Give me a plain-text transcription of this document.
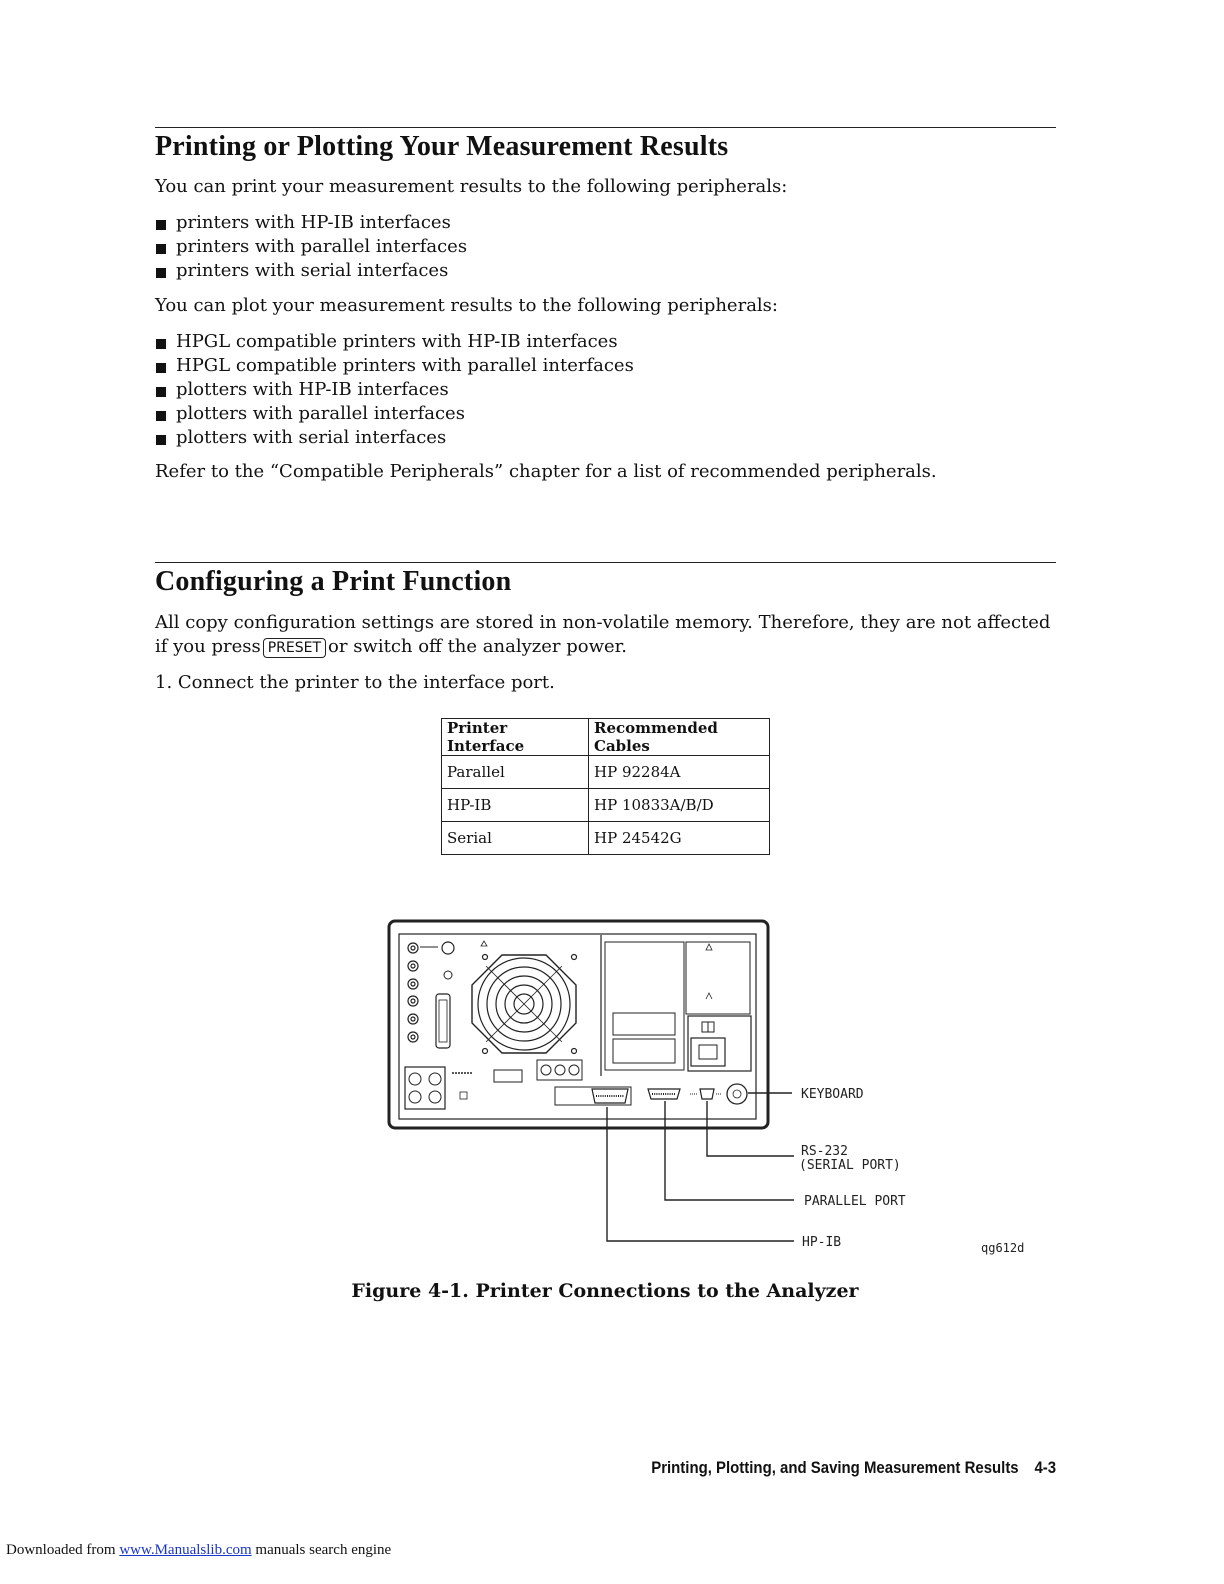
Printing or Plotting Your Measurement Results

You can print your measurement results to the following peripherals:

printers with HP-IB interfaces
printers with parallel interfaces
printers with serial interfaces

You can plot your measurement results to the following peripherals:

HPGL compatible printers with HP-IB interfaces
HPGL compatible printers with parallel interfaces
plotters with HP-IB interfaces
plotters with parallel interfaces
plotters with serial interfaces

Refer to the “Compatible Peripherals” chapter for a list of recommended peripherals.

Configuring a Print Function

All copy configuration settings are stored in non-volatile memory. Therefore, they are not affected if you press PRESET or switch off the analyzer power.

1. Connect the printer to the interface port.

Printer Interface	Recommended Cables
Parallel	HP 92284A
HP-IB	HP 10833A/B/D
Serial	HP 24542G
KEYBOARD
RS-232
(SERIAL PORT)
PARALLEL PORT
HP-IB	qg612d

Figure 4-1. Printer Connections to the Analyzer

Printing, Plotting, and Saving Measurement Results 4-3
Downloaded from www.Manualslib.com manuals search engine
